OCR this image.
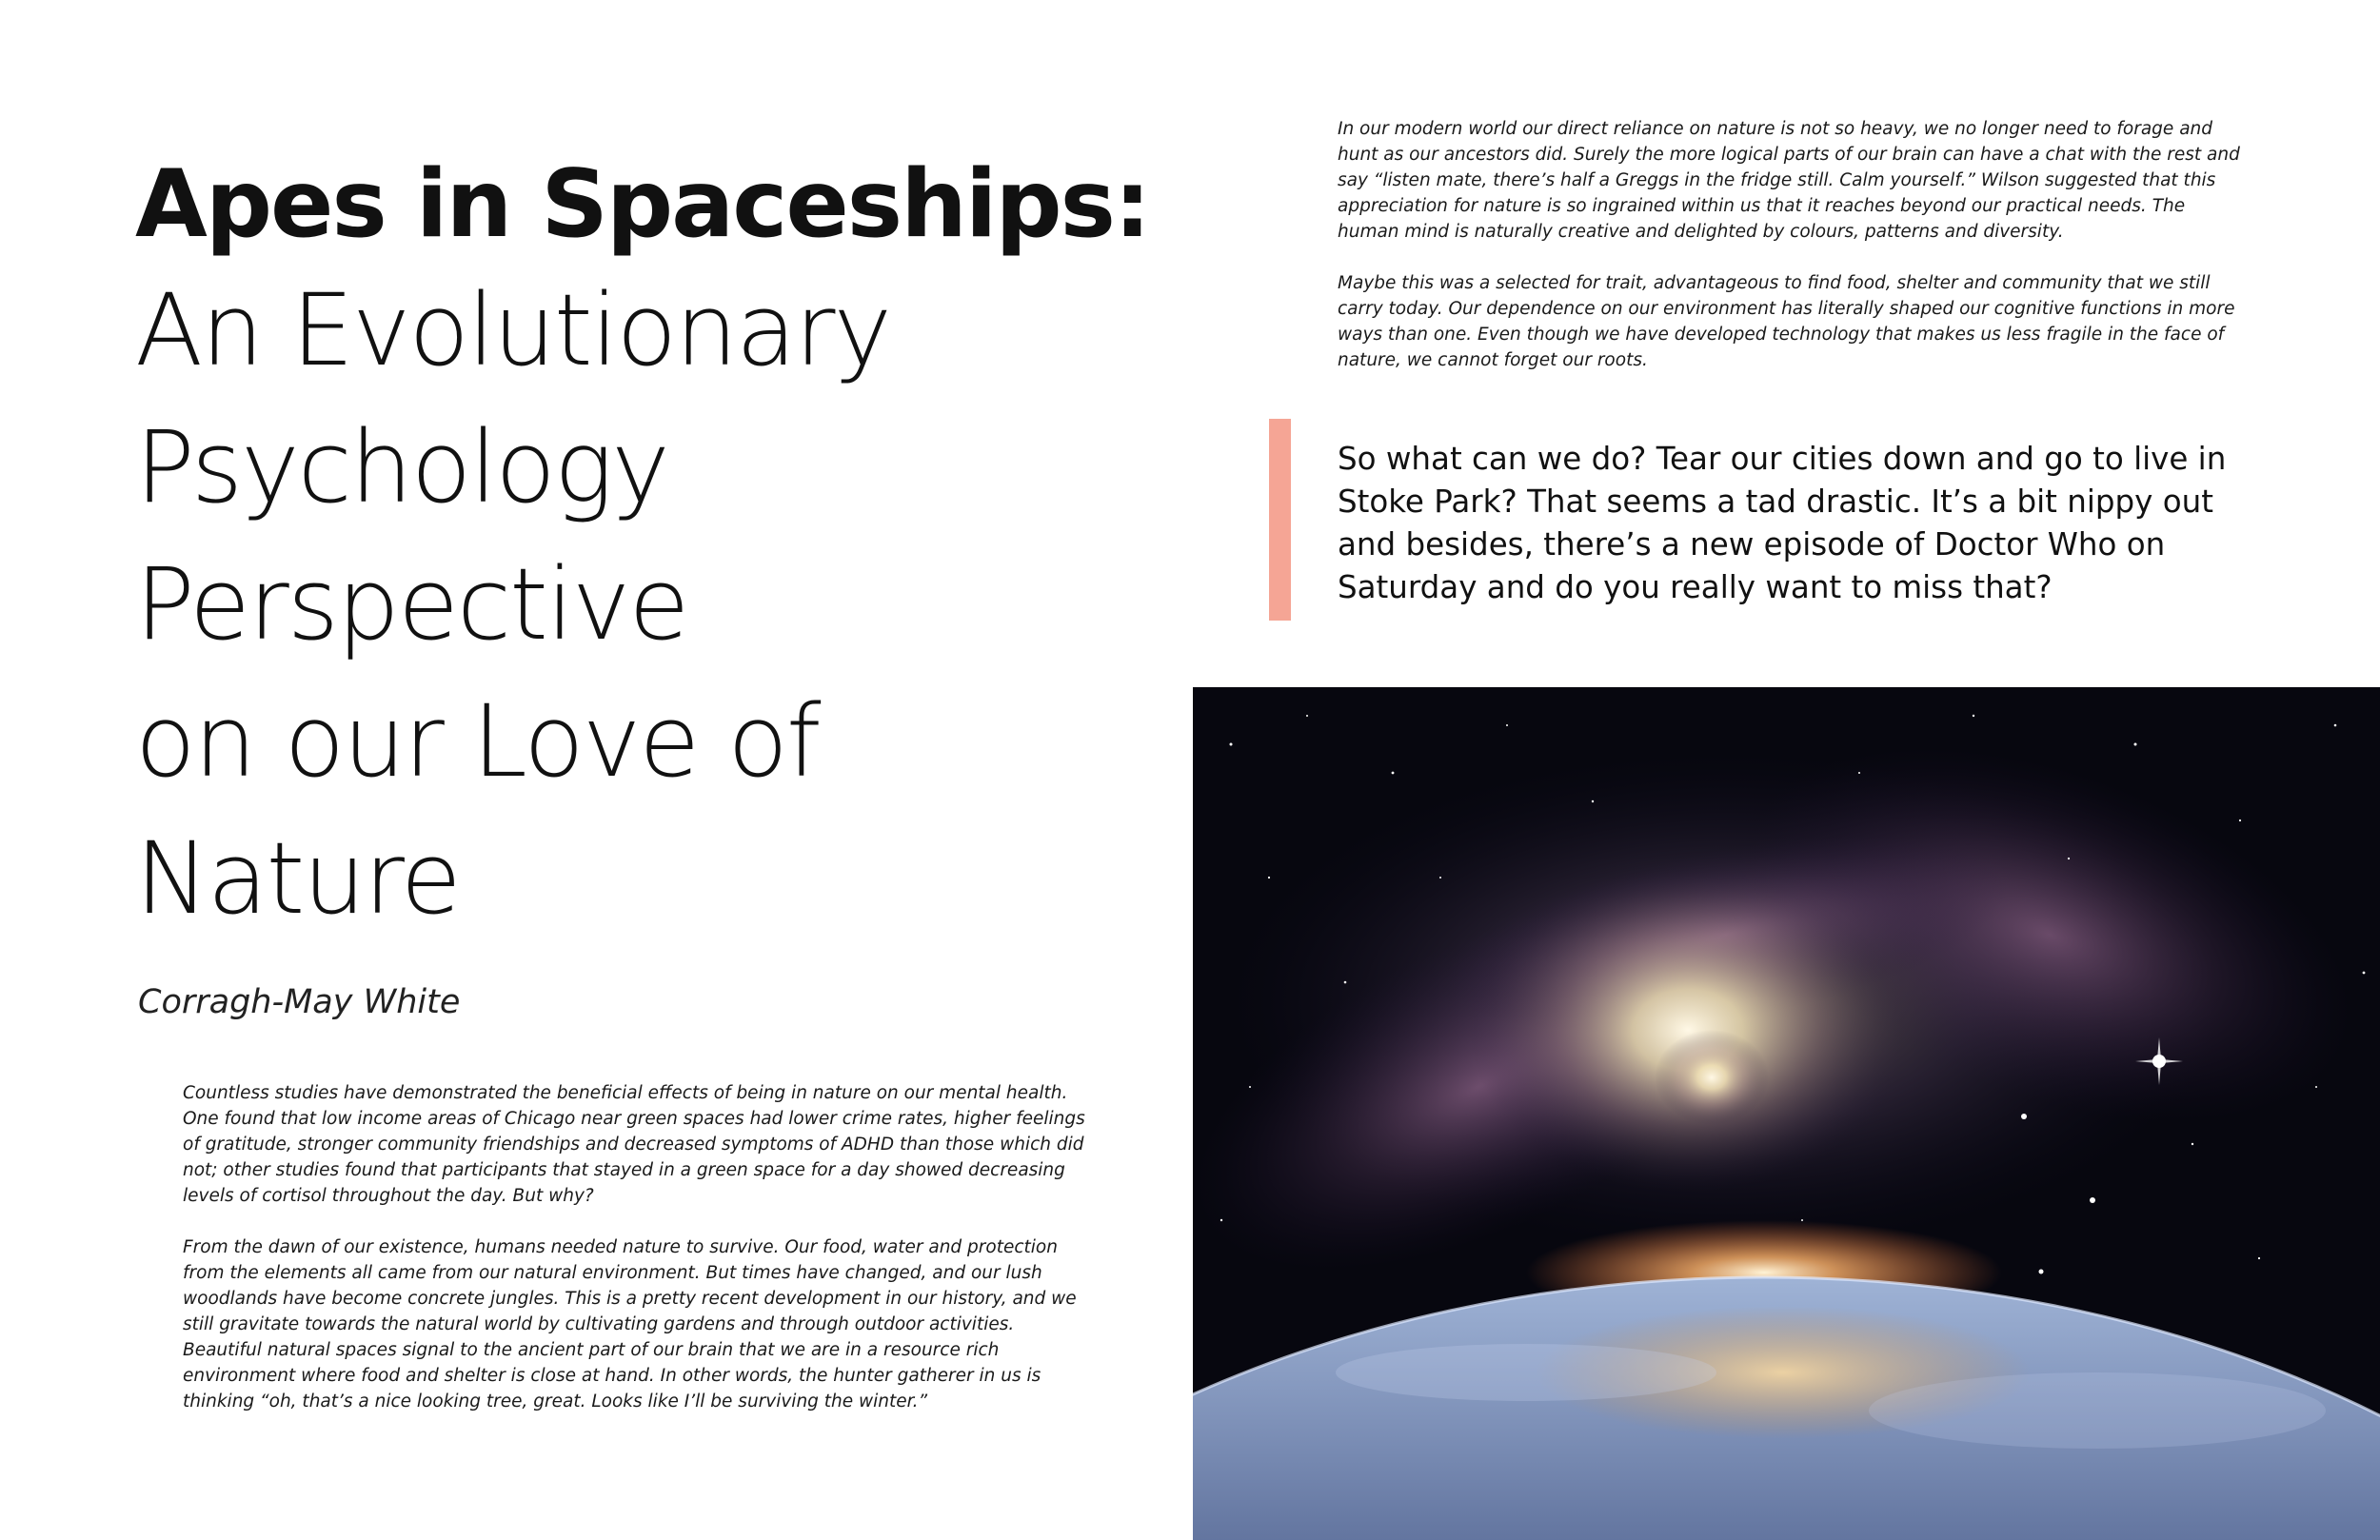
Apes in Spaceships:
An Evolutionary
Psychology
Perspective
on our Love of
Nature
Corragh-May White

Countless studies have demonstrated the beneficial effects of being in nature on our mental health. One found that low income areas of Chicago near green spaces had lower crime rates, higher feelings of gratitude, stronger community friendships and decreased symptoms of ADHD than those which did not; other studies found that participants that stayed in a green space for a day showed decreasing levels of cortisol throughout the day. But why?

From the dawn of our existence, humans needed nature to survive. Our food, water and protection from the elements all came from our natural environment. But times have changed, and our lush woodlands have become concrete jungles. This is a pretty recent development in our history, and we still gravitate towards the natural world by cultivating gardens and through outdoor activities. Beautiful natural spaces signal to the ancient part of our brain that we are in a resource rich environment where food and shelter is close at hand. In other words, the hunter gatherer in us is thinking “oh, that’s a nice looking tree, great. Looks like I’ll be surviving the winter.”

In our modern world our direct reliance on nature is not so heavy, we no longer need to forage and hunt as our ancestors did. Surely the more logical parts of our brain can have a chat with the rest and say “listen mate, there’s half a Greggs in the fridge still. Calm yourself.” Wilson suggested that this appreciation for nature is so ingrained within us that it reaches beyond our practical needs. The human mind is naturally creative and delighted by colours, patterns and diversity.

Maybe this was a selected for trait, advantageous to find food, shelter and community that we still carry today. Our dependence on our environment has literally shaped our cognitive functions in more ways than one. Even though we have developed technology that makes us less fragile in the face of nature, we cannot forget our roots.

So what can we do? Tear our cities down and go to live in Stoke Park? That seems a tad drastic. It’s a bit nippy out and besides, there’s a new episode of Doctor Who on Saturday and do you really want to miss that?
